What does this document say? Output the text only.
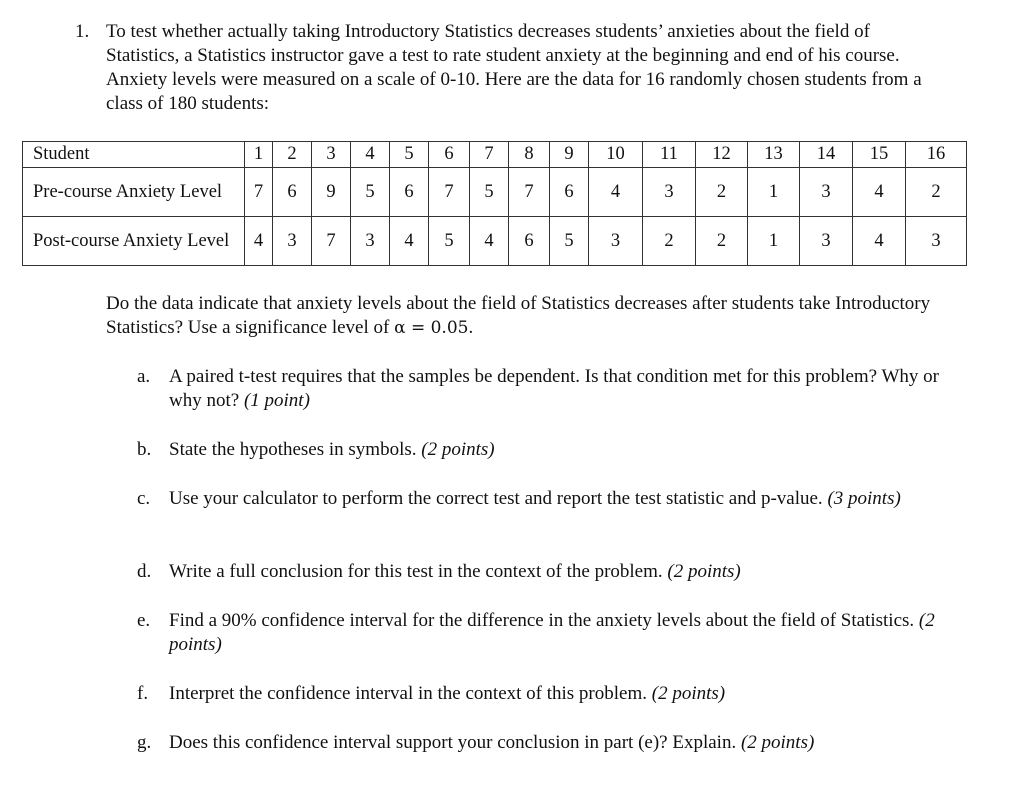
1. To test whether actually taking Introductory Statistics decreases students’ anxieties about the field of Statistics, a Statistics instructor gave a test to rate student anxiety at the beginning and end of his course. Anxiety levels were measured on a scale of 0-10. Here are the data for 16 randomly chosen students from a class of 180 students:
Student	1	2	3	4	5	6	7	8	9	10	11	12	13	14	15	16
Pre-course Anxiety Level	7	6	9	5	6	7	5	7	6	4	3	2	1	3	4	2
Post-course Anxiety Level	4	3	7	3	4	5	4	6	5	3	2	2	1	3	4	3
Do the data indicate that anxiety levels about the field of Statistics decreases after students take Introductory Statistics? Use a significance level of α = 0.05.
a. A paired t-test requires that the samples be dependent. Is that condition met for this problem? Why or why not? (1 point)
b. State the hypotheses in symbols. (2 points)
c. Use your calculator to perform the correct test and report the test statistic and p-value. (3 points)
d. Write a full conclusion for this test in the context of the problem. (2 points)
e. Find a 90% confidence interval for the difference in the anxiety levels about the field of Statistics. (2 points)
f. Interpret the confidence interval in the context of this problem. (2 points)
g. Does this confidence interval support your conclusion in part (e)? Explain. (2 points)
